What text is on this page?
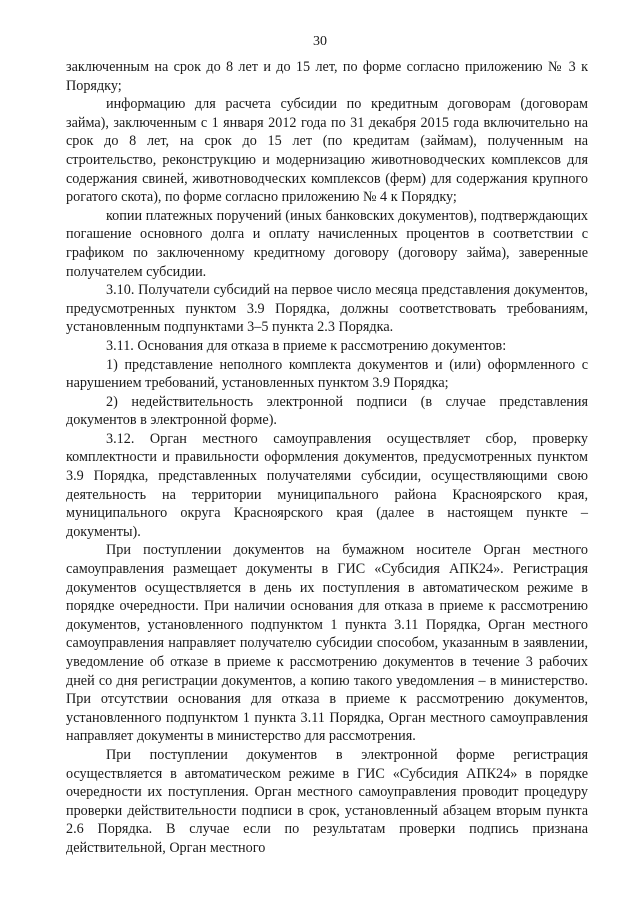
30

заключенным на срок до 8 лет и до 15 лет, по форме согласно приложению № 3 к Порядку;

информацию для расчета субсидии по кредитным договорам (договорам займа), заключенным с 1 января 2012 года по 31 декабря 2015 года включительно на срок до 8 лет, на срок до 15 лет (по кредитам (займам), полученным на строительство, реконструкцию и модернизацию животноводческих комплексов для содержания свиней, животноводческих комплексов (ферм) для содержания крупного рогатого скота), по форме согласно приложению № 4 к Порядку;

копии платежных поручений (иных банковских документов), подтверждающих погашение основного долга и оплату начисленных процентов в соответствии с графиком по заключенному кредитному договору (договору займа), заверенные получателем субсидии.

3.10. Получатели субсидий на первое число месяца представления документов, предусмотренных пунктом 3.9 Порядка, должны соответствовать требованиям, установленным подпунктами 3–5 пункта 2.3 Порядка.

3.11. Основания для отказа в приеме к рассмотрению документов:

1) представление неполного комплекта документов и (или) оформленного с нарушением требований, установленных пунктом 3.9 Порядка;

2) недействительность электронной подписи (в случае представления документов в электронной форме).

3.12. Орган местного самоуправления осуществляет сбор, проверку комплектности и правильности оформления документов, предусмотренных пунктом 3.9 Порядка, представленных получателями субсидии, осуществляющими свою деятельность на территории муниципального района Красноярского края, муниципального округа Красноярского края (далее в настоящем пункте – документы).

При поступлении документов на бумажном носителе Орган местного самоуправления размещает документы в ГИС «Субсидия АПК24». Регистрация документов осуществляется в день их поступления в автоматическом режиме в порядке очередности. При наличии основания для отказа в приеме к рассмотрению документов, установленного подпунктом 1 пункта 3.11 Порядка, Орган местного самоуправления направляет получателю субсидии способом, указанным в заявлении, уведомление об отказе в приеме к рассмотрению документов в течение 3 рабочих дней со дня регистрации документов, а копию такого уведомления – в министерство. При отсутствии основания для отказа в приеме к рассмотрению документов, установленного подпунктом 1 пункта 3.11 Порядка, Орган местного самоуправления направляет документы в министерство для рассмотрения.

При поступлении документов в электронной форме регистрация осуществляется в автоматическом режиме в ГИС «Субсидия АПК24» в порядке очередности их поступления. Орган местного самоуправления проводит процедуру проверки действительности подписи в срок, установленный абзацем вторым пункта 2.6 Порядка. В случае если по результатам проверки подпись признана действительной, Орган местного
